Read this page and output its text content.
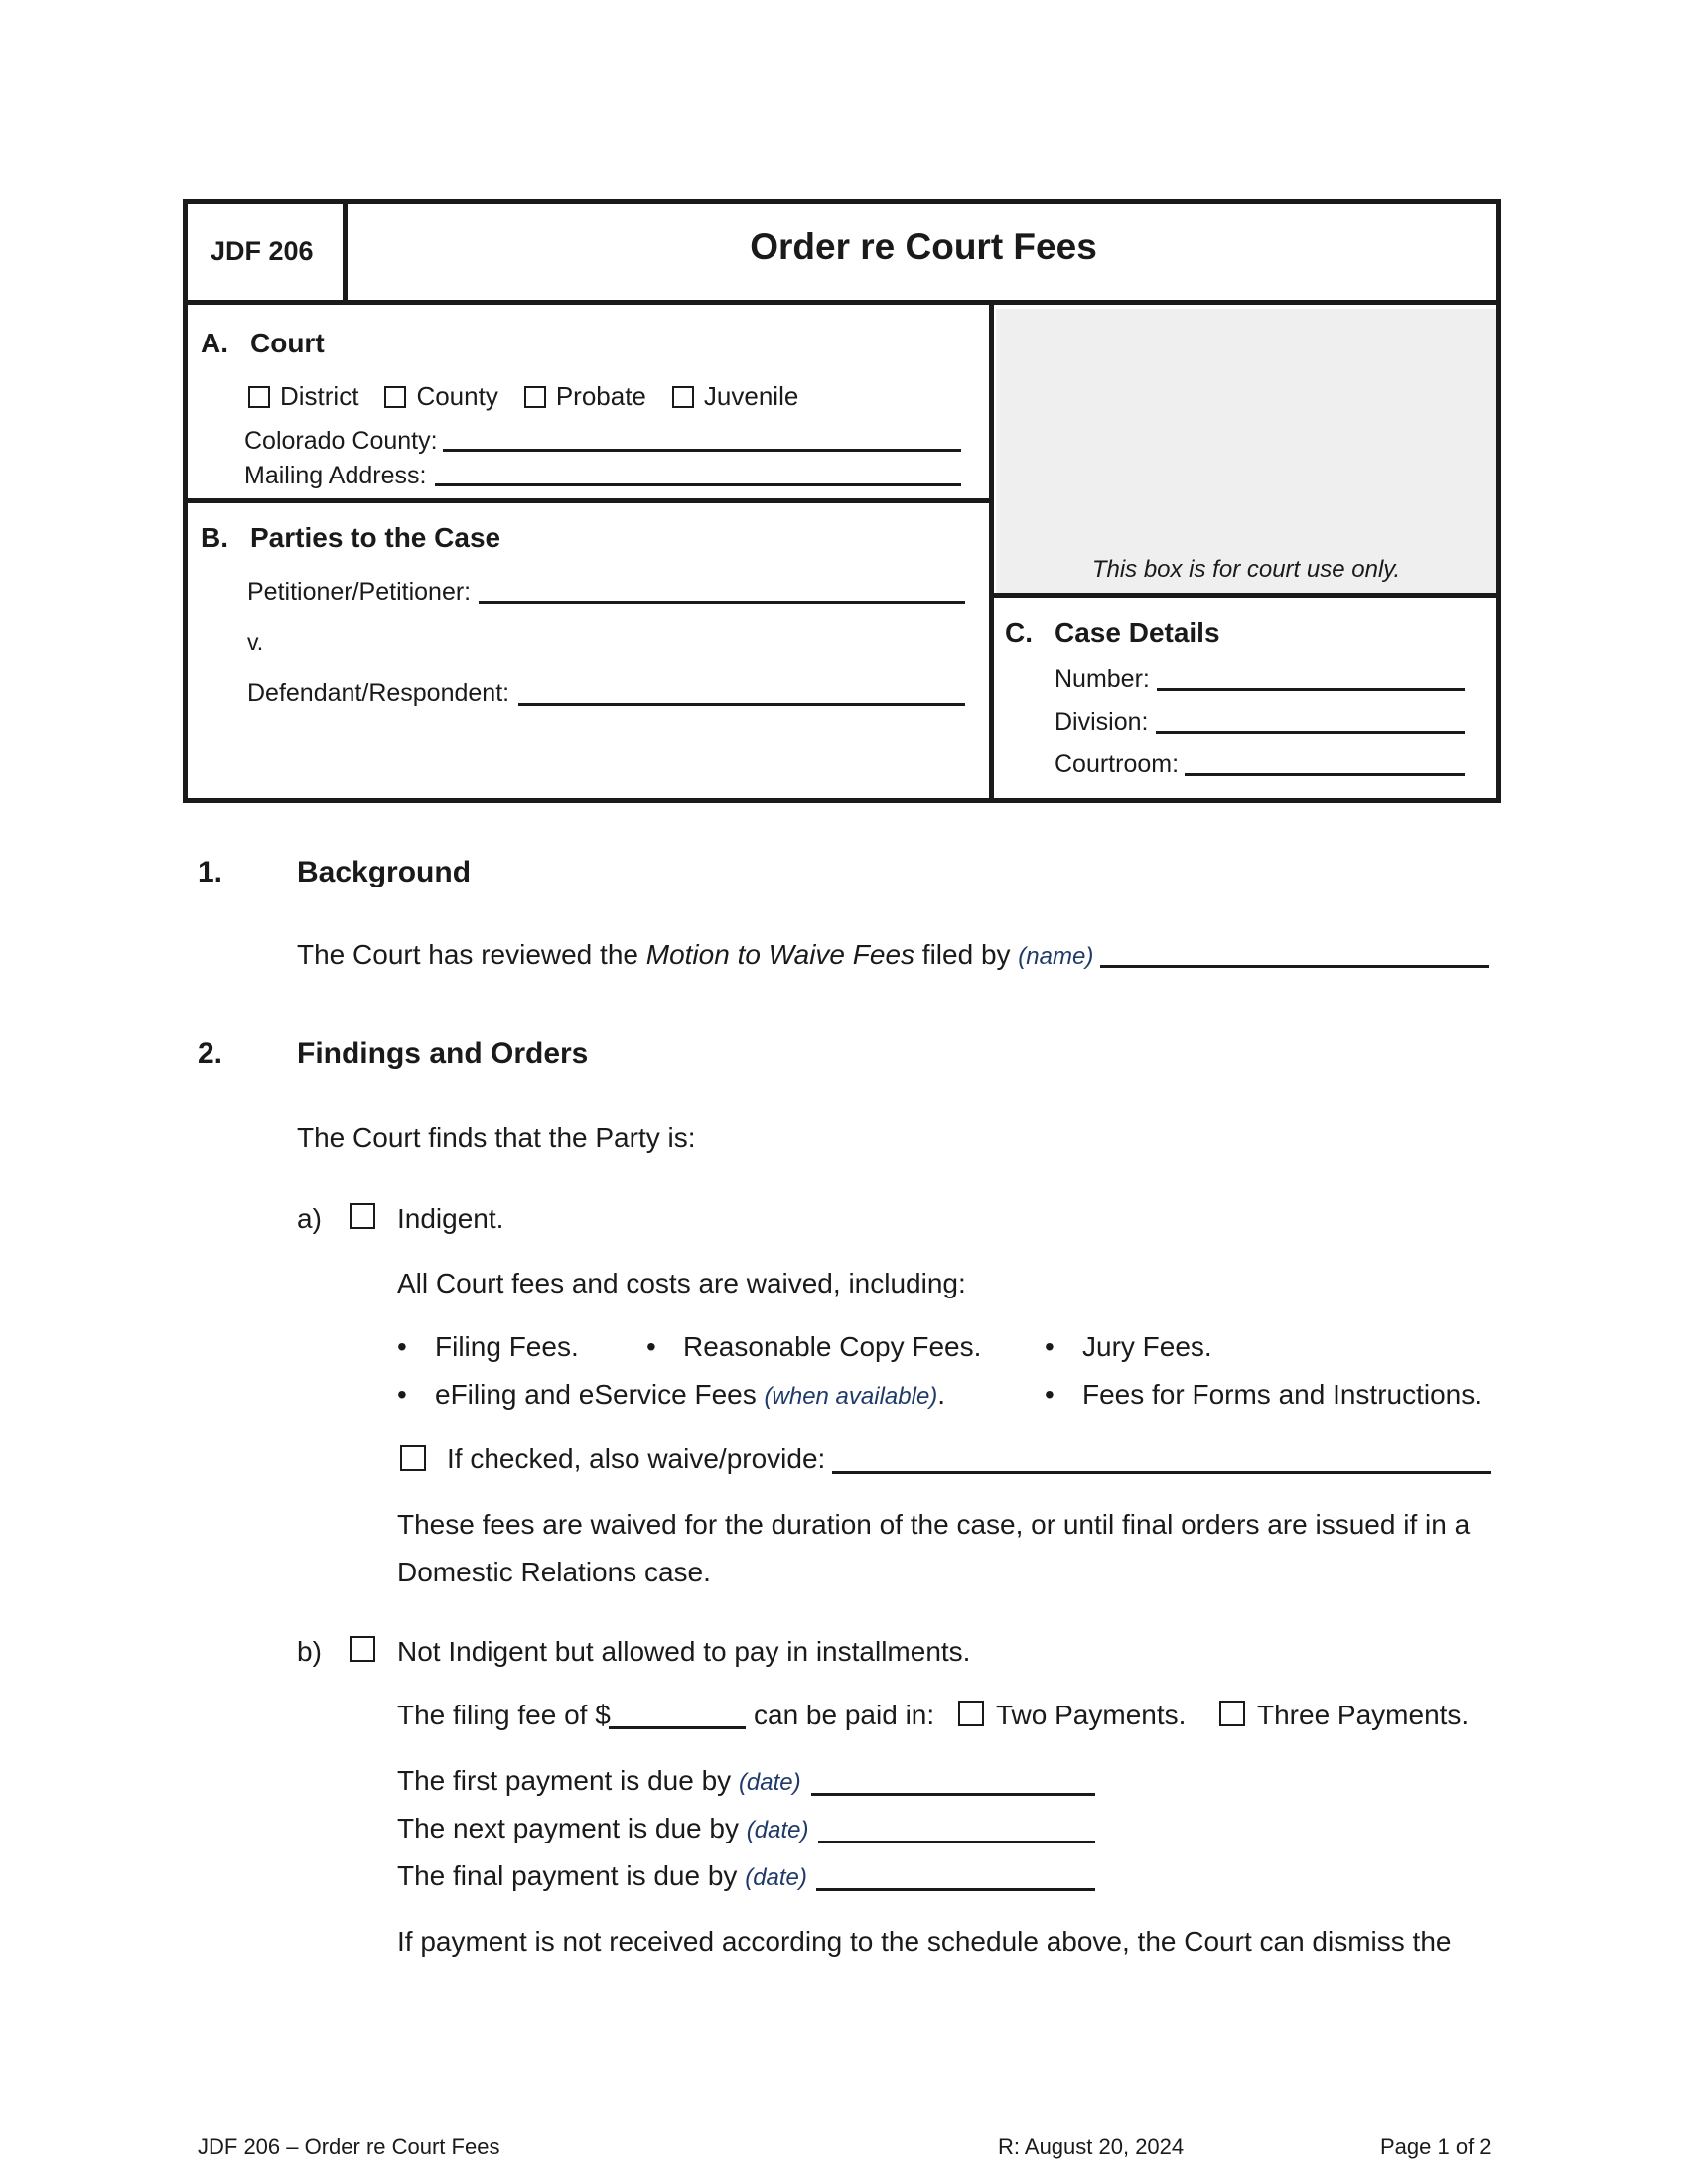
JDF 206	Order re Court Fees
A. Court
District County Probate Juvenile
Colorado County:
Mailing Address:
B. Parties to the Case
Petitioner/Petitioner:
v.
Defendant/Respondent:
This box is for court use only.
C. Case Details
Number:
Division:
Courtroom:
1. Background
The Court has reviewed the Motion to Waive Fees filed by (name)
2. Findings and Orders
The Court finds that the Party is:
a)	Indigent.
All Court fees and costs are waived, including:
• Filing Fees. • Reasonable Copy Fees. • Jury Fees.
• eFiling and eService Fees (when available).	• Fees for Forms and Instructions.
If checked, also waive/provide:
These fees are waived for the duration of the case, or until final orders are issued if in a
Domestic Relations case.
b)	Not Indigent but allowed to pay in installments.
The filing fee of $	can be paid in: Two Payments.	Three Payments.
The first payment is due by (date)
The next payment is due by (date)
The final payment is due by (date)
If payment is not received according to the schedule above, the Court can dismiss the
JDF 206 – Order re Court Fees	R: August 20, 2024	Page 1 of 2
